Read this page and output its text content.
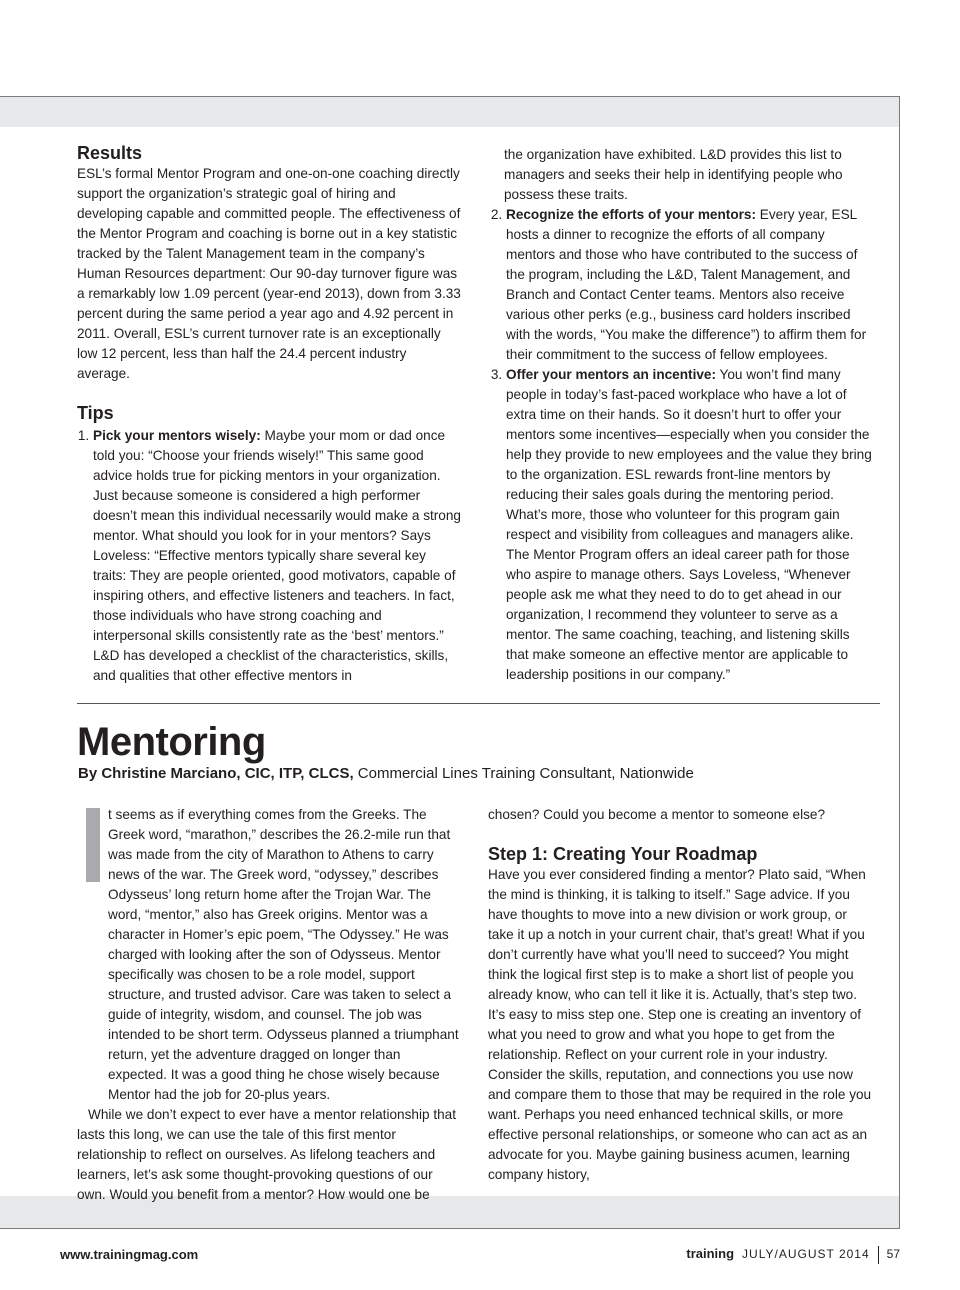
Results

ESL’s formal Mentor Program and one-on-one coaching directly support the organization’s strategic goal of hiring and developing capable and committed people. The effectiveness of the Mentor Program and coaching is borne out in a key statistic tracked by the Talent Management team in the company’s Human Resources department: Our 90-day turnover figure was a remarkably low 1.09 percent (year-end 2013), down from 3.33 percent during the same period a year ago and 4.92 percent in 2011. Overall, ESL’s current turnover rate is an exceptionally low 12 percent, less than half the 24.4 percent industry average.

Tips
1. Pick your mentors wisely: Maybe your mom or dad once told you: “Choose your friends wisely!” This same good advice holds true for picking mentors in your organization. Just because someone is considered a high performer doesn’t mean this individual necessarily would make a strong mentor. What should you look for in your mentors? Says Loveless: “Effective mentors typically share several key traits: They are people oriented, good motivators, capable of inspiring others, and effective listeners and teachers. In fact, those individuals who have strong coaching and interpersonal skills consistently rate as the ‘best’ mentors.” L&D has developed a checklist of the characteristics, skills, and qualities that other effective mentors in
the organization have exhibited. L&D provides this list to managers and seeks their help in identifying people who possess these traits.
2. Recognize the efforts of your mentors: Every year, ESL hosts a dinner to recognize the efforts of all company mentors and those who have contributed to the success of the program, including the L&D, Talent Management, and Branch and Contact Center teams. Mentors also receive various other perks (e.g., business card holders inscribed with the words, “You make the difference”) to affirm them for their commitment to the success of fellow employees.
3. Offer your mentors an incentive: You won’t find many people in today’s fast-paced workplace who have a lot of extra time on their hands. So it doesn’t hurt to offer your mentors some incentives—especially when you consider the help they provide to new employees and the value they bring to the organization. ESL rewards front-line mentors by reducing their sales goals during the mentoring period. What’s more, those who volunteer for this program gain respect and visibility from colleagues and managers alike. The Mentor Program offers an ideal career path for those who aspire to manage others. Says Loveless, “Whenever people ask me what they need to do to get ahead in our organization, I recommend they volunteer to serve as a mentor. The same coaching, teaching, and listening skills that make someone an effective mentor are applicable to leadership positions in our company.”
Mentoring
By Christine Marciano, CIC, ITP, CLCS, Commercial Lines Training Consultant, Nationwide

t seems as if everything comes from the Greeks. The Greek word, “marathon,” describes the 26.2-mile run that was made from the city of Marathon to Athens to carry news of the war. The Greek word, “odyssey,” describes Odysseus’ long return home after the Trojan War. The word, “mentor,” also has Greek origins. Mentor was a character in Homer’s epic poem, “The Odyssey.” He was charged with looking after the son of Odysseus. Mentor specifically was chosen to be a role model, support structure, and trusted advisor. Care was taken to select a guide of integrity, wisdom, and counsel. The job was intended to be short term. Odysseus planned a triumphant return, yet the adventure dragged on longer than expected. It was a good thing he chose wisely because Mentor had the job for 20-plus years.

While we don’t expect to ever have a mentor relationship that lasts this long, we can use the tale of this first mentor relationship to reflect on ourselves. As lifelong teachers and learners, let’s ask some thought-provoking questions of our own. Would you benefit from a mentor? How would one be

chosen? Could you become a mentor to someone else?

Step 1: Creating Your Roadmap

Have you ever considered finding a mentor? Plato said, “When the mind is thinking, it is talking to itself.” Sage advice. If you have thoughts to move into a new division or work group, or take it up a notch in your current chair, that’s great! What if you don’t currently have what you’ll need to succeed? You might think the logical first step is to make a short list of people you already know, who can tell it like it is. Actually, that’s step two. It’s easy to miss step one. Step one is creating an inventory of what you need to grow and what you hope to get from the relationship. Reflect on your current role in your industry. Consider the skills, reputation, and connections you use now and compare them to those that may be required in the role you want. Perhaps you need enhanced technical skills, or more effective personal relationships, or someone who can act as an advocate for you. Maybe gaining business acumen, learning company history,

www.trainingmag.com	training JULY/AUGUST 2014 57
